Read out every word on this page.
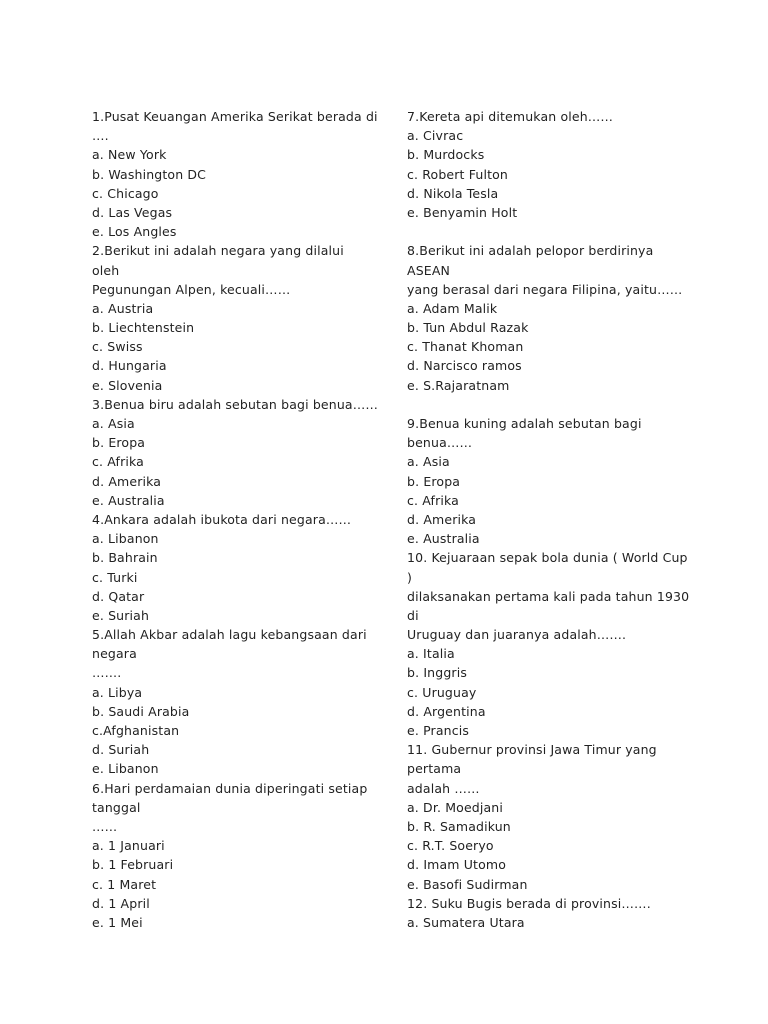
1.Pusat Keuangan Amerika Serikat berada di
….
a. New York
b. Washington DC
c. Chicago
d. Las Vegas
e. Los Angles
2.Berikut ini adalah negara yang dilalui
oleh
Pegunungan Alpen, kecuali……
a. Austria
b. Liechtenstein
c. Swiss
d. Hungaria
e. Slovenia
3.Benua biru adalah sebutan bagi benua……
a. Asia
b. Eropa
c. Afrika
d. Amerika
e. Australia
4.Ankara adalah ibukota dari negara……
a. Libanon
b. Bahrain
c. Turki
d. Qatar
e. Suriah
5.Allah Akbar adalah lagu kebangsaan dari
negara
…….
a. Libya
b. Saudi Arabia
c.Afghanistan
d. Suriah
e. Libanon
6.Hari perdamaian dunia diperingati setiap
tanggal
……
a. 1 Januari
b. 1 Februari
c. 1 Maret
d. 1 April
e. 1 Mei
7.Kereta api ditemukan oleh……
a. Civrac
b. Murdocks
c. Robert Fulton
d. Nikola Tesla
e. Benyamin Holt
8.Berikut ini adalah pelopor berdirinya
ASEAN
yang berasal dari negara Filipina, yaitu……
a. Adam Malik
b. Tun Abdul Razak
c. Thanat Khoman
d. Narcisco ramos
e. S.Rajaratnam
9.Benua kuning adalah sebutan bagi
benua……
a. Asia
b. Eropa
c. Afrika
d. Amerika
e. Australia
10. Kejuaraan sepak bola dunia ( World Cup
)
dilaksanakan pertama kali pada tahun 1930
di
Uruguay dan juaranya adalah…….
a. Italia
b. Inggris
c. Uruguay
d. Argentina
e. Prancis
11. Gubernur provinsi Jawa Timur yang
pertama
adalah ……
a. Dr. Moedjani
b. R. Samadikun
c. R.T. Soeryo
d. Imam Utomo
e. Basofi Sudirman
12. Suku Bugis berada di provinsi…….
a. Sumatera Utara
